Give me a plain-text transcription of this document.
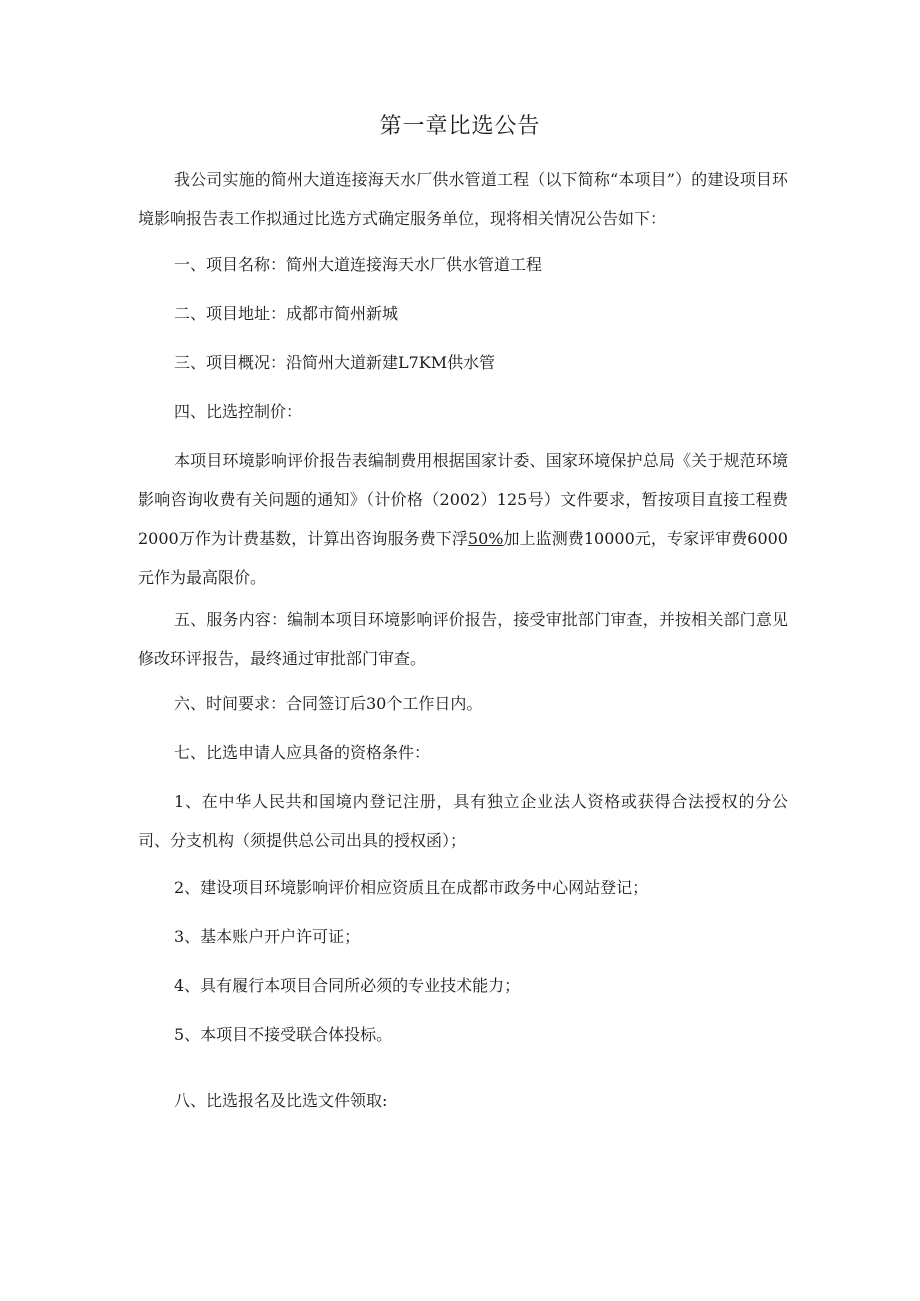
第一章比选公告
我公司实施的简州大道连接海天水厂供水管道工程（以下简称“本项目”）的建设项目环境影响报告表工作拟通过比选方式确定服务单位，现将相关情况公告如下：
一、项目名称：简州大道连接海天水厂供水管道工程
二、项目地址：成都市简州新城
三、项目概况：沿简州大道新建L7KM供水管
四、比选控制价：
本项目环境影响评价报告表编制费用根据国家计委、国家环境保护总局《关于规范环境影响咨询收费有关问题的通知》（计价格（2002）125号）文件要求，暂按项目直接工程费2000万作为计费基数，计算出咨询服务费下浮50%加上监测费10000元，专家评审费6000元作为最高限价。
五、服务内容：编制本项目环境影响评价报告，接受审批部门审查，并按相关部门意见修改环评报告，最终通过审批部门审查。
六、时间要求：合同签订后30个工作日内。
七、比选申请人应具备的资格条件：
1、在中华人民共和国境内登记注册，具有独立企业法人资格或获得合法授权的分公司、分支机构（须提供总公司出具的授权函）；
2、建设项目环境影响评价相应资质且在成都市政务中心网站登记；
3、基本账户开户许可证；
4、具有履行本项目合同所必须的专业技术能力；
5、本项目不接受联合体投标。
八、比选报名及比选文件领取:
